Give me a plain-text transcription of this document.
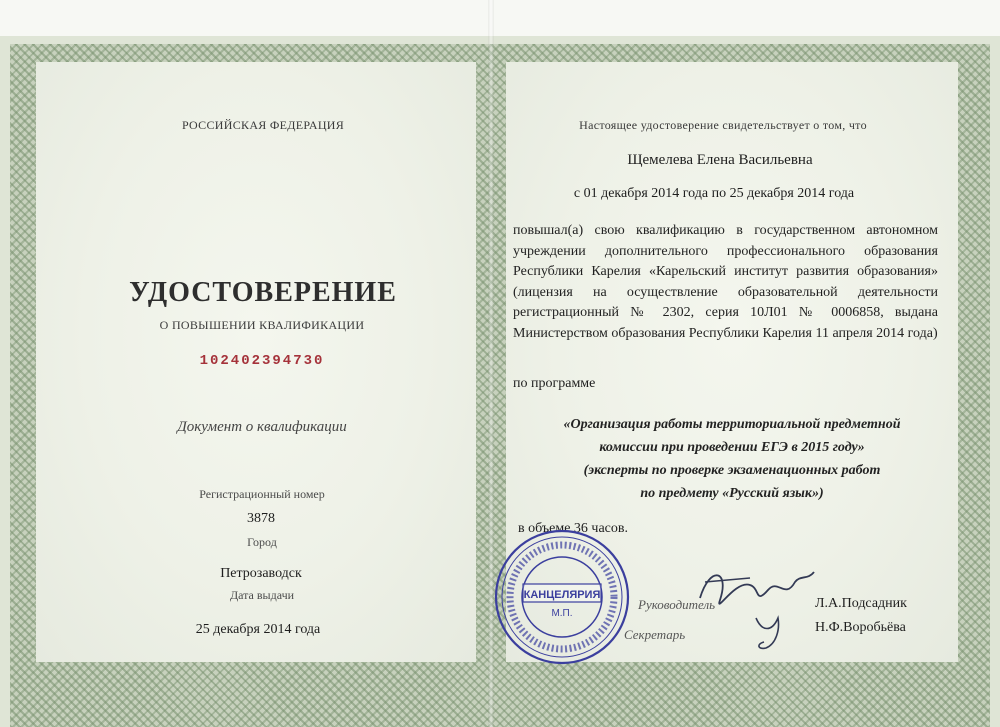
РОССИЙСКАЯ ФЕДЕРАЦИЯ
УДОСТОВЕРЕНИЕ
О ПОВЫШЕНИИ КВАЛИФИКАЦИИ
102402394730
Документ о квалификации
Регистрационный номер
3878
Город
Петрозаводск
Дата выдачи
25 декабря 2014 года
Настоящее удостоверение свидетельствует о том, что
Щемелева Елена Васильевна
с 01 декабря 2014 года по 25 декабря 2014 года
повышал(а) свою квалификацию в государственном автономном учреждении дополнительного профессионального образования Республики Карелия «Карельский институт развития образования» (лицензия на осуществление образовательной деятельности регистрационный № 2302, серия 10Л01 № 0006858, выдана Министерством образования Республики Карелия 11 апреля 2014 года)
по программе
«Организация работы территориальной предметной
комиссии при проведении ЕГЭ в 2015 году»
(эксперты по проверке экзаменационных работ
по предмету «Русский язык»)
в объеме 36 часов.
Руководитель	Л.А.Подсадник
Секретарь	Н.Ф.Воробьёва
КАНЦЕЛЯРИЯ
М.П.
